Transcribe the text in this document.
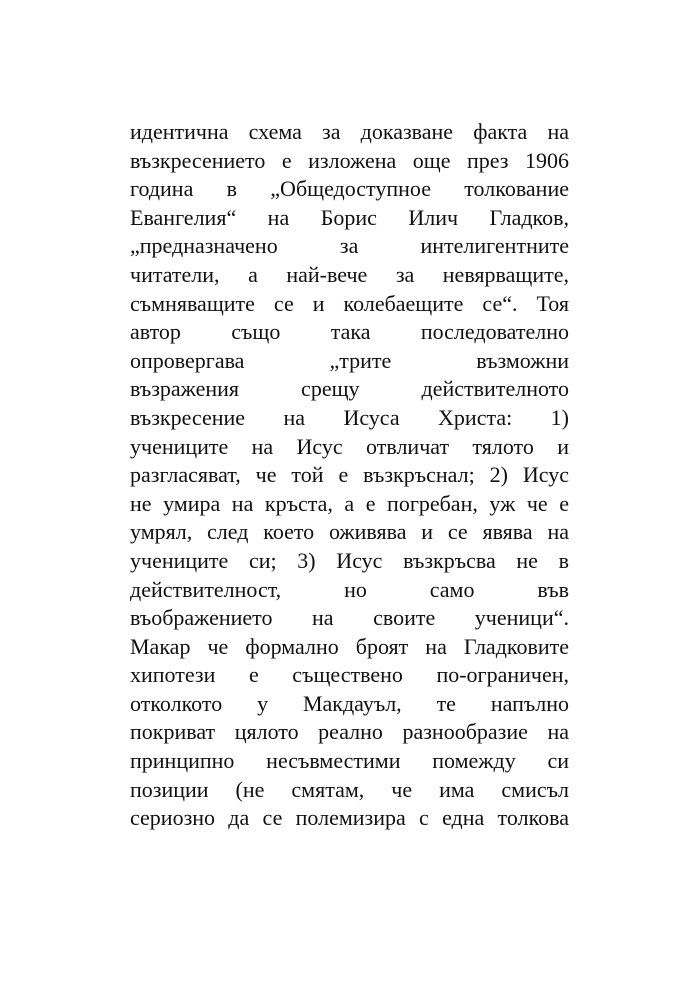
идентична схема за доказване факта на
възкресението е изложена още през 1906
година в „Общедоступное толкование
Евангелия“ на Борис Илич Гладков,
„предназначено за интелигентните
читатели, а най-вече за невярващите,
съмняващите се и колебаещите се“. Тоя
автор също така последователно
опровергава „трите възможни
възражения срещу действителното
възкресение на Исуса Христа: 1)
учениците на Исус отвличат тялото и
разгласяват, че той е възкръснал; 2) Исус
не умира на кръста, а е погребан, уж че е
умрял, след което оживява и се явява на
учениците си; 3) Исус възкръсва не в
действителност, но само във
въображението на своите ученици“.
Макар че формално броят на Гладковите
хипотези е съществено по-ограничен,
отколкото у Макдауъл, те напълно
покриват цялото реално разнообразие на
принципно несъвместими помежду си
позиции (не смятам, че има смисъл
сериозно да се полемизира с една толкова
